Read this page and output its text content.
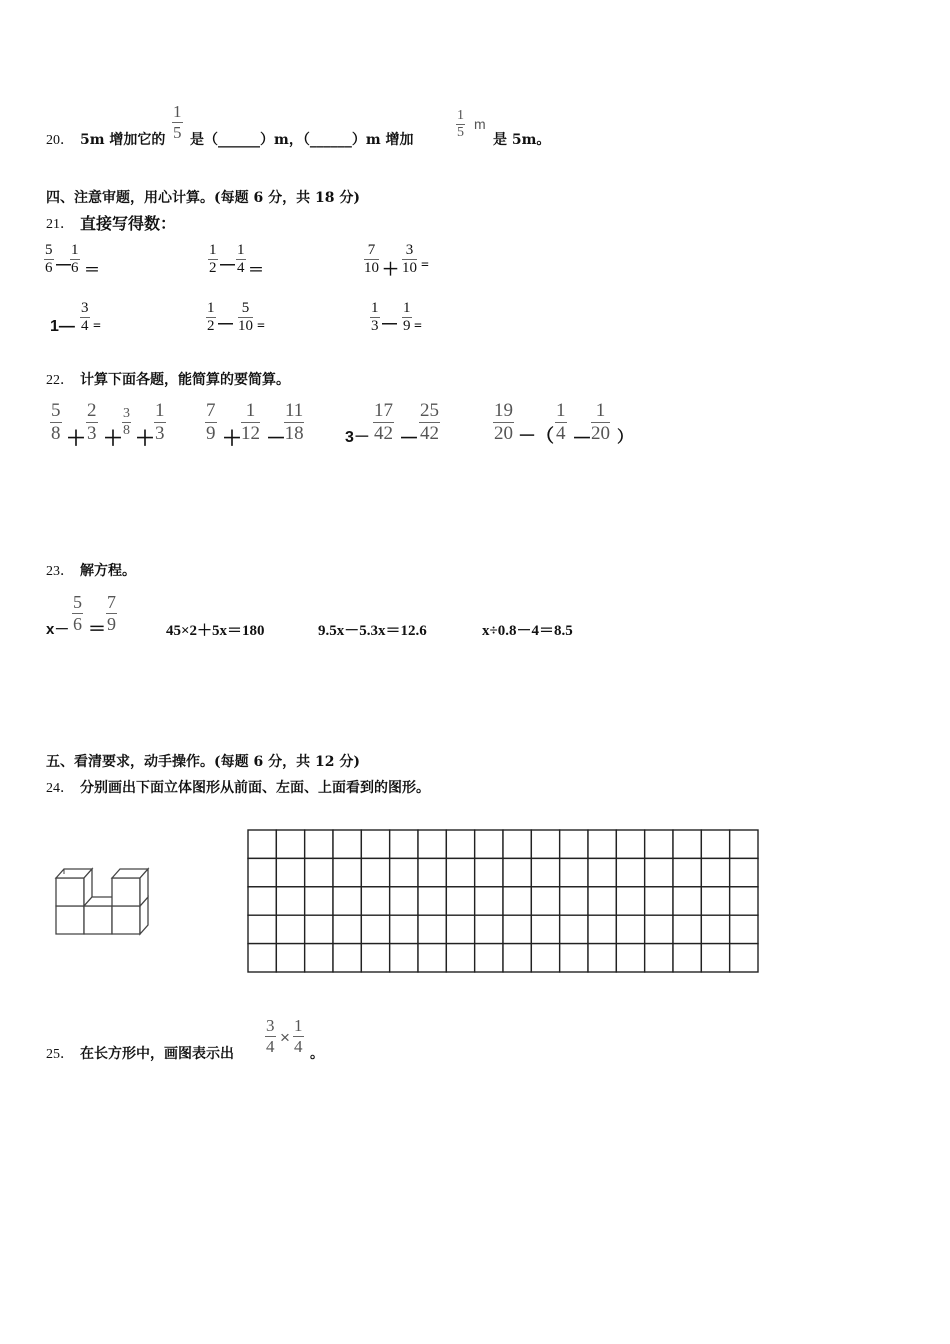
20． 5m 增加它的 $\frac{1}{5}$ 是（______）m，（______）m 增加	$\frac{1}{5}$ m
是 5m。
四、注意审题，用心计算。(每题 6 分，共 18 分)
21． 直接写得数：
$\frac{5}{6}$ — $\frac{1}{6}$ ＝	$\frac{1}{2}$ — $\frac{1}{4}$ ＝	$\frac{7}{10} + \frac{3}{10}$ =
1— $\frac{3}{4}$ =	$\frac{1}{2}$ — $\frac{5}{10}$ =	$\frac{1}{3}$ — $\frac{1}{9}$ =
22． 计算下面各题，能简算的要简算。
$\frac{5}{8} + \frac{2}{3} + \frac{3}{8} + \frac{1}{3} \frac{7}{9} + \frac{1}{12}$ －
$\frac{11}{18}$	$3- \frac{17}{42} - \frac{25}{42}$	$\frac{19}{20}$ －（ $\frac{1}{4} - \frac{1}{20}$ ）
23． 解方程。
$x- \frac{5}{6} = \frac{7}{9}$	45×2＋5x＝180	9.5x－5.3x＝12.6	x÷0.8－4＝8.5
五、看清要求，动手操作。(每题 6 分，共 12 分)
24． 分别画出下面立体图形从前面、左面、上面看到的图形。
25． 在长方形中，画图表示出 $\frac{3}{4} \times \frac{1}{4}$ 。
